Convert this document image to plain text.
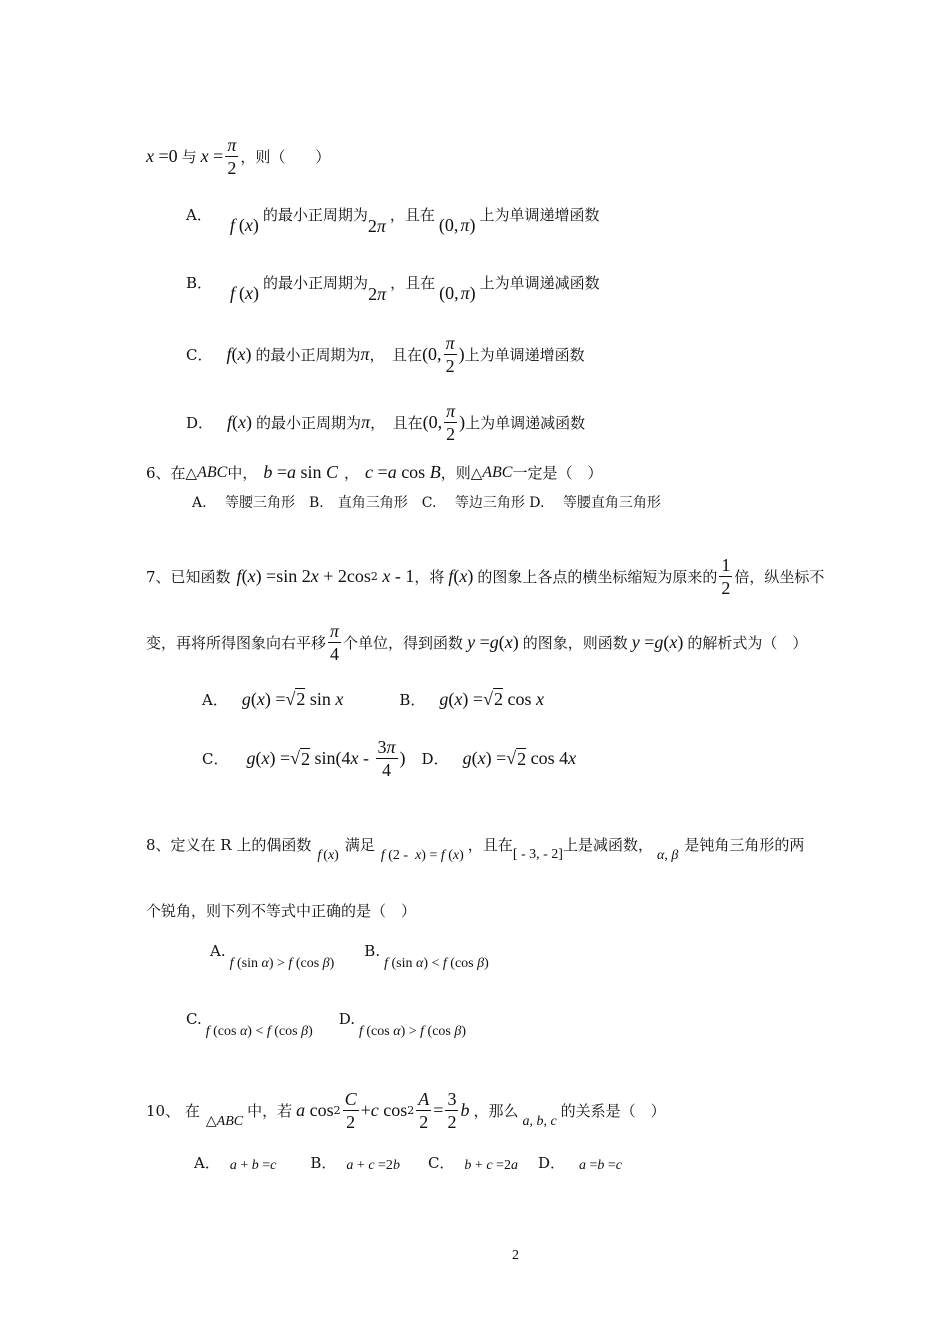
x =0 与 $x = \frac{\pi}{2}$ ，则（　　）
A． f ( x ) 的最小正周期为
2 π
，且在 (0, π ) 上为单调递增函数
B． f ( x ) 的最小正周期为
2 π
，且在 (0, π ) 上为单调递减函数
C． f ( x ) 的最小正周期为 π ，　且在 (0, $\frac{\pi}{2}$ ) 上为单调递增函数
D． f ( x ) 的最小正周期为 π ，　且在 (0, $\frac{\pi}{2}$ ) 上为单调递减函数
6、在△ ABC 中， b = a sin C ， c = a cos B ，则△ ABC 一定是（　）
A.　 等腰三角形　B.　直角三角形　C.　 等边三角形 D.　 等腰直角三角形
7、已知函数 f ( x ) =sin 2 x + 2cos 2 x - 1 ，将 f ( x ) 的图象上各点的横坐标缩短为原来的 $\frac{1}{2}$ 倍，纵坐标不
变，再将所得图象向右平移 $\frac{\pi}{4}$ 个单位，得到函数 y = g ( x ) 的图象，则函数 y = g ( x ) 的解析式为（　）
A． g ( x ) =√ 2 sin x	B． g ( x ) =√ 2 cos x
C． g ( x ) =√ 2 sin(4 x - $\frac{3\pi}{4}$ ) D． g ( x ) =√ 2 cos 4 x
8、定义在 R 上的偶函数
f ( x )
满足
f (2 - x ) = f ( x )
，且在
[ - 3, - 2]
上是减函数，
α, β
是钝角三角形的两
个锐角，则下列不等式中正确的是（　）
A.
f (sin α ) > f (cos β )
B.
f (sin α ) < f (cos β )
C.
f (cos α ) < f (cos β )
D.
f (cos α ) > f (cos β )
10、 在
△ ABC
中，若 a $\cos 2 \frac{C}{2} + c$ $\cos 2 \frac{A}{2} = \frac{3}{2}$ b ，那么
a, b, c
的关系是（　）
A． a + b = c B． a + c =2 b C． b + c =2 a D． a = b = c
2
